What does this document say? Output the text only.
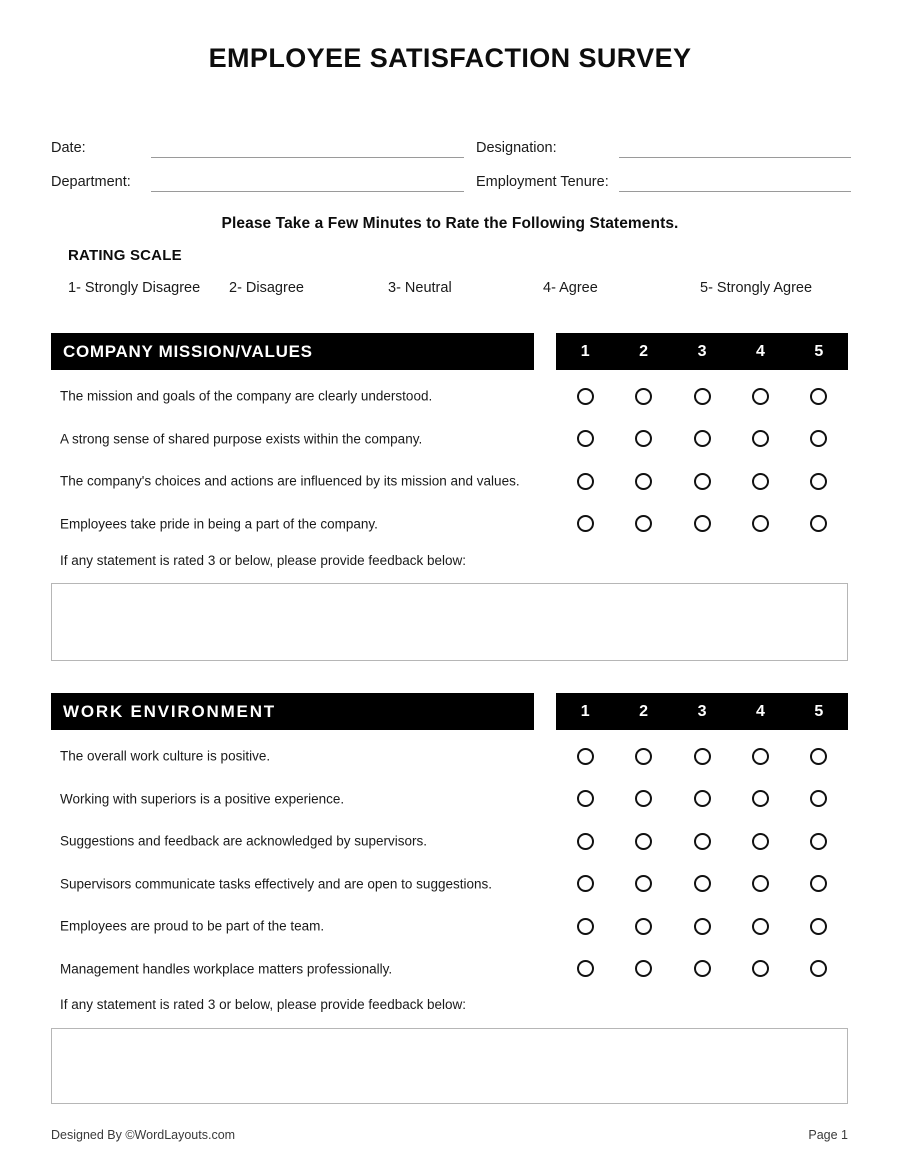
EMPLOYEE SATISFACTION SURVEY
Date:	Designation:
Department:	Employment Tenure:
Please Take a Few Minutes to Rate the Following Statements.
RATING SCALE
1- Strongly Disagree 2- Disagree	3- Neutral	4- Agree	5- Strongly Agree
COMPANY MISSION/VALUES	1	2	3	4	5
The mission and goals of the company are clearly understood.
A strong sense of shared purpose exists within the company.
The company's choices and actions are influenced by its mission and values.
Employees take pride in being a part of the company.
If any statement is rated 3 or below, please provide feedback below:
WORK ENVIRONMENT	1	2	3	4	5
The overall work culture is positive.
Working with superiors is a positive experience.
Suggestions and feedback are acknowledged by supervisors.
Supervisors communicate tasks effectively and are open to suggestions.
Employees are proud to be part of the team.
Management handles workplace matters professionally.
If any statement is rated 3 or below, please provide feedback below:
Designed By ©WordLayouts.com	Page 1
